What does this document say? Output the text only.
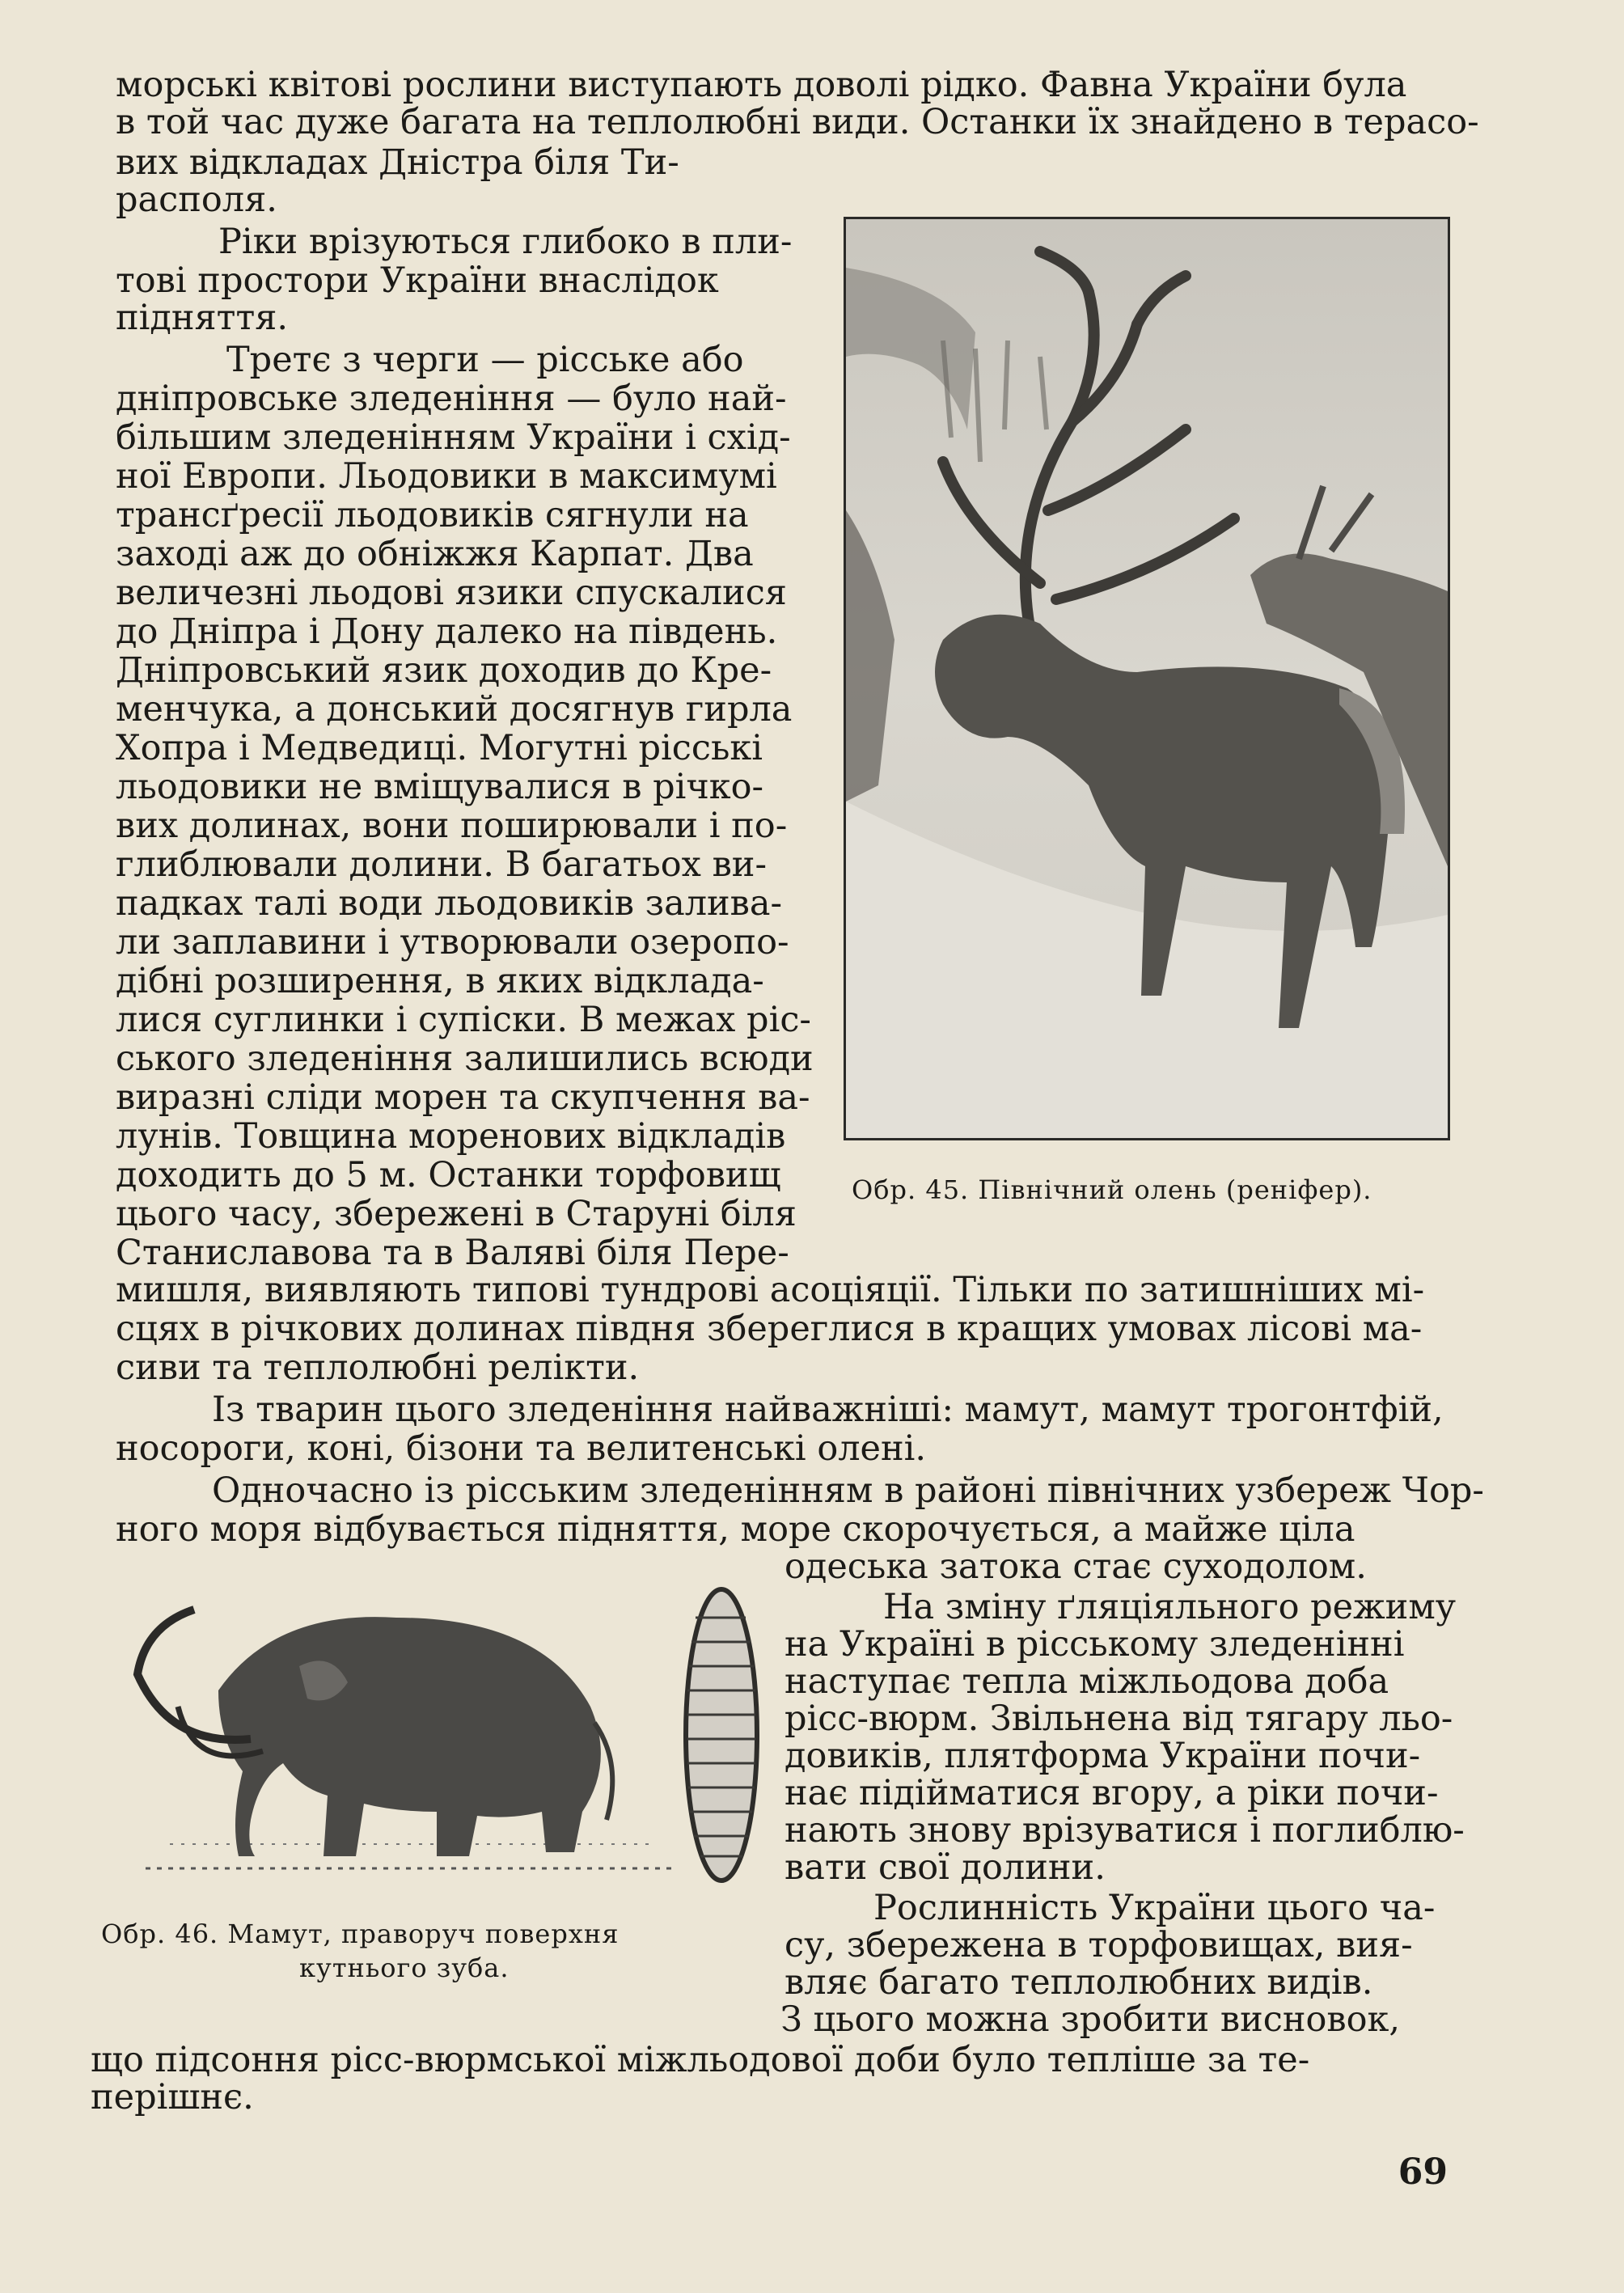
морські квітові рослини виступають доволі рідко. Фавна України була
в той час дуже багата на теплолюбні види. Останки їх знайдено в терасо-
вих відкладах Дністра біля Ти-
располя.
Ріки врізуються глибоко в пли-
тові простори України внаслідок
підняття.
Третє з черги — рісське або
дніпровське зледеніння — було най-
більшим зледенінням України і схід-
ної Европи. Льодовики в максимумі
трансґресії льодовиків сягнули на
заході аж до обніжжя Карпат. Два
величезні льодові язики спускалися
до Дніпра і Дону далеко на південь.
Дніпровський язик доходив до Кре-
менчука, а донський досягнув гирла
Хопра і Медведиці. Могутні рісські
льодовики не вміщувалися в річко-
вих долинах, вони поширювали і по-
глиблювали долини. В багатьох ви-
падках талі води льодовиків залива-
ли заплавини і утворювали озеропо-
дібні розширення, в яких відклада-
лися суглинки і супіски. В межах ріс-
ського зледеніння залишились всюди
виразні сліди морен та скупчення ва-
лунів. Товщина моренових відкладів
доходить до 5 м. Останки торфовищ
цього часу, збережені в Старуні біля
Станиславова та в Валяві біля Пере-
Обр. 45. Північний олень (реніфер).
мишля, виявляють типові тундрові асоціяції. Тільки по затишніших мі-
сцях в річкових долинах півдня збереглися в кращих умовах лісові ма-
сиви та теплолюбні релікти.
Із тварин цього зледеніння найважніші: мамут, мамут трогонтфій,
носороги, коні, бізони та велитенські олені.
Одночасно із рісським зледенінням в районі північних узбереж Чор-
ного моря відбувається підняття, море скорочується, а майже ціла
Обр. 46. Мамут, праворуч поверхня
кутнього зуба.
одеська затока стає суходолом.
На зміну ґляціяльного режиму
на Україні в рісському зледенінні
наступає тепла міжльодова доба
рісс-вюрм. Звільнена від тягару льо-
довиків, плятформа України почи-
нає підійматися вгору, а ріки почи-
нають знову врізуватися і поглиблю-
вати свої долини.
Рослинність України цього ча-
су, збережена в торфовищах, вия-
вляє багато теплолюбних видів.
З цього можна зробити висновок,
що підсоння рісс-вюрмської міжльодової доби було тепліше за те-
перішнє.
69
